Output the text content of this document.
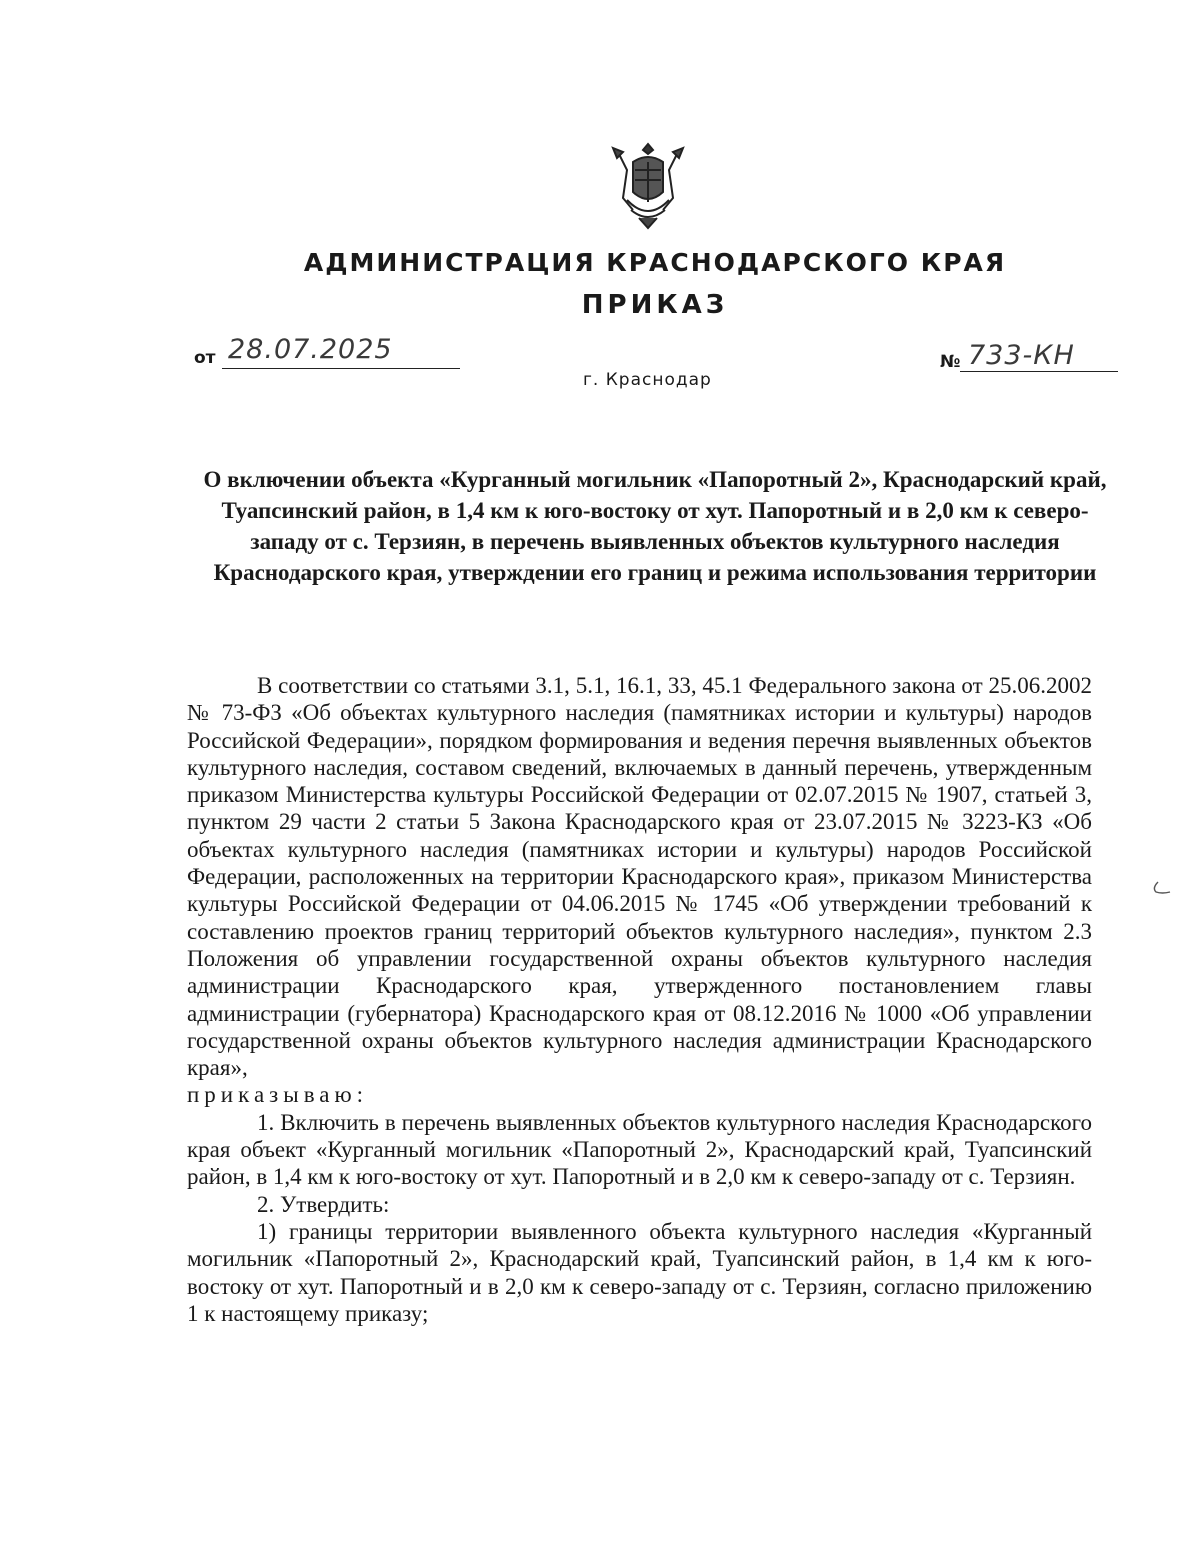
АДМИНИСТРАЦИЯ КРАСНОДАРСКОГО КРАЯ
ПРИКАЗ
от 28.07.2025
г. Краснодар
№ 733-КН
О включении объекта «Курганный могильник «Папоротный 2», Краснодарский край, Туапсинский район, в 1,4 км к юго-востоку от хут. Папоротный и в 2,0 км к северо-западу от с. Терзиян, в перечень выявленных объектов культурного наследия Краснодарского края, утверждении его границ и режима использования территории

В соответствии со статьями 3.1, 5.1, 16.1, 33, 45.1 Федерального закона от 25.06.2002 № 73-ФЗ «Об объектах культурного наследия (памятниках истории и культуры) народов Российской Федерации», порядком формирования и ведения перечня выявленных объектов культурного наследия, составом сведений, включаемых в данный перечень, утвержденным приказом Министерства культуры Российской Федерации от 02.07.2015 № 1907, статьей 3, пунктом 29 части 2 статьи 5 Закона Краснодарского края от 23.07.2015 № 3223-КЗ «Об объектах культурного наследия (памятниках истории и культуры) народов Российской Федерации, расположенных на территории Краснодарского края», приказом Министерства культуры Российской Федерации от 04.06.2015 № 1745 «Об утверждении требований к составлению проектов границ территорий объектов культурного наследия», пунктом 2.3 Положения об управлении государственной охраны объектов культурного наследия администрации Краснодарского края, утвержденного постановлением главы администрации (губернатора) Краснодарского края от 08.12.2016 № 1000 «Об управлении государственной охраны объектов культурного наследия администрации Краснодарского края»,

приказываю:

1. Включить в перечень выявленных объектов культурного наследия Краснодарского края объект «Курганный могильник «Папоротный 2», Краснодарский край, Туапсинский район, в 1,4 км к юго-востоку от хут. Папоротный и в 2,0 км к северо-западу от с. Терзиян.

2. Утвердить:

1) границы территории выявленного объекта культурного наследия «Курганный могильник «Папоротный 2», Краснодарский край, Туапсинский район, в 1,4 км к юго-востоку от хут. Папоротный и в 2,0 км к северо-западу от с. Терзиян, согласно приложению 1 к настоящему приказу;
